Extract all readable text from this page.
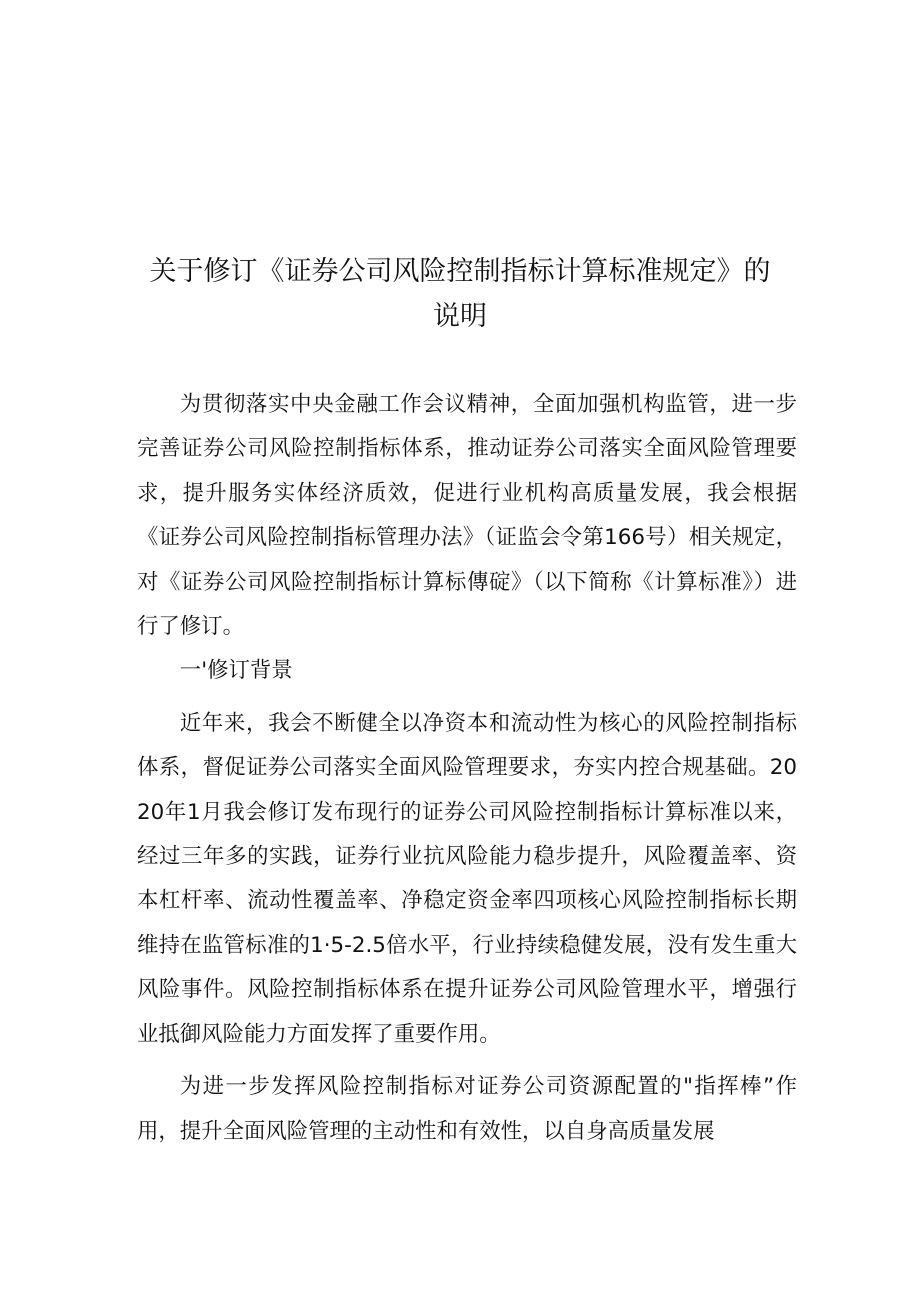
关于修订《证券公司风险控制指标计算标准规定》的
说明

为贯彻落实中央金融工作会议精神，全面加强机构监管，进一步完善证券公司风险控制指标体系，推动证券公司落实全面风险管理要求，提升服务实体经济质效，促进行业机构高质量发展，我会根据《证券公司风险控制指标管理办法》（证监会令第166号）相关规定，对《证券公司风险控制指标计算标傳碇》（以下简称《计算标准》）进行了修订。

一'修订背景

近年来，我会不断健全以净资本和流动性为核心的风险控制指标体系，督促证券公司落实全面风险管理要求，夯实内控合规基础。2020年1月我会修订发布现行的证券公司风险控制指标计算标准以来，经过三年多的实践，证券行业抗风险能力稳步提升，风险覆盖率、资本杠杆率、流动性覆盖率、净稳定资金率四项核心风险控制指标长期维持在监管标准的1·5-2.5倍水平，行业持续稳健发展，没有发生重大风险事件。风险控制指标体系在提升证券公司风险管理水平，增强行业抵御风险能力方面发挥了重要作用。

为进一步发挥风险控制指标对证券公司资源配置的"指挥棒”作用，提升全面风险管理的主动性和有效性，以自身高质量发展
